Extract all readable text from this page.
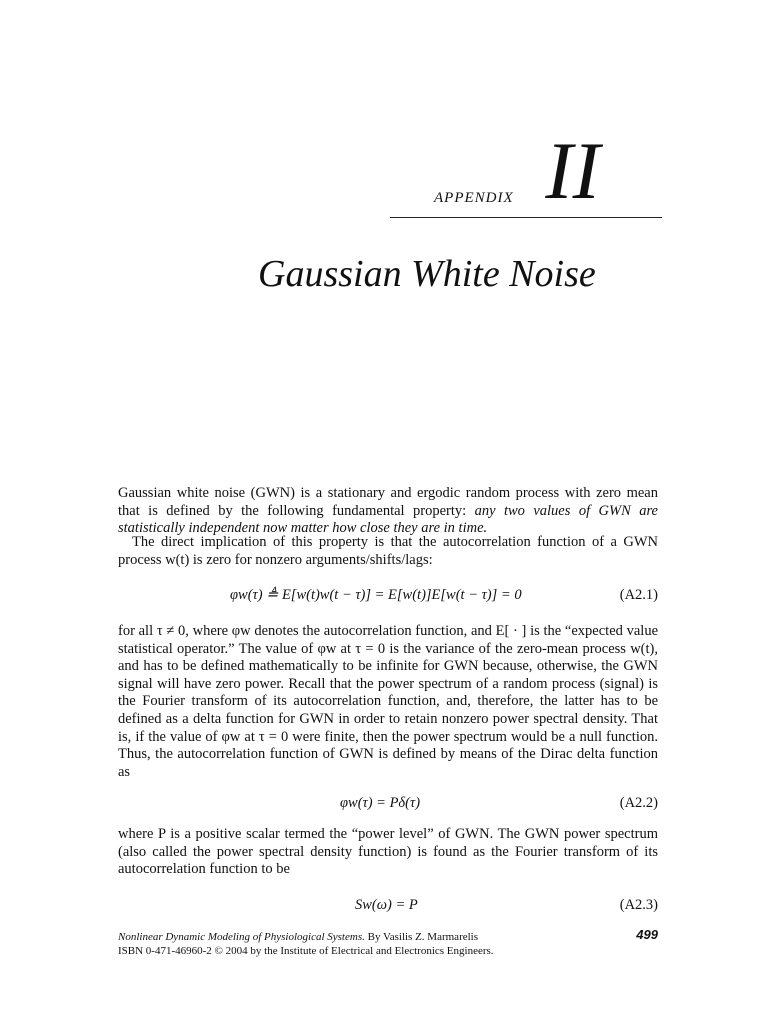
APPENDIX II
Gaussian White Noise

Gaussian white noise (GWN) is a stationary and ergodic random process with zero mean that is defined by the following fundamental property: any two values of GWN are statistically independent now matter how close they are in time.

The direct implication of this property is that the autocorrelation function of a GWN process w(t) is zero for nonzero arguments/shifts/lags:

φw(τ) ≜ E[w(t)w(t − τ)] = E[w(t)]E[w(t − τ)] = 0	(A2.1)

for all τ ≠ 0, where φw denotes the autocorrelation function, and E[ · ] is the “expected value statistical operator.” The value of φw at τ = 0 is the variance of the zero-mean process w(t), and has to be defined mathematically to be infinite for GWN because, otherwise, the GWN signal will have zero power. Recall that the power spectrum of a random process (signal) is the Fourier transform of its autocorrelation function, and, therefore, the latter has to be defined as a delta function for GWN in order to retain nonzero power spectral density. That is, if the value of φw at τ = 0 were finite, then the power spectrum would be a null function. Thus, the autocorrelation function of GWN is defined by means of the Dirac delta function as

φw(τ) = Pδ(τ)	(A2.2)

where P is a positive scalar termed the “power level” of GWN. The GWN power spectrum (also called the power spectral density function) is found as the Fourier transform of its autocorrelation function to be

Sw(ω) = P	(A2.3)
Nonlinear Dynamic Modeling of Physiological Systems. By Vasilis Z. Marmarelis
ISBN 0-471-46960-2 © 2004 by the Institute of Electrical and Electronics Engineers.
499
